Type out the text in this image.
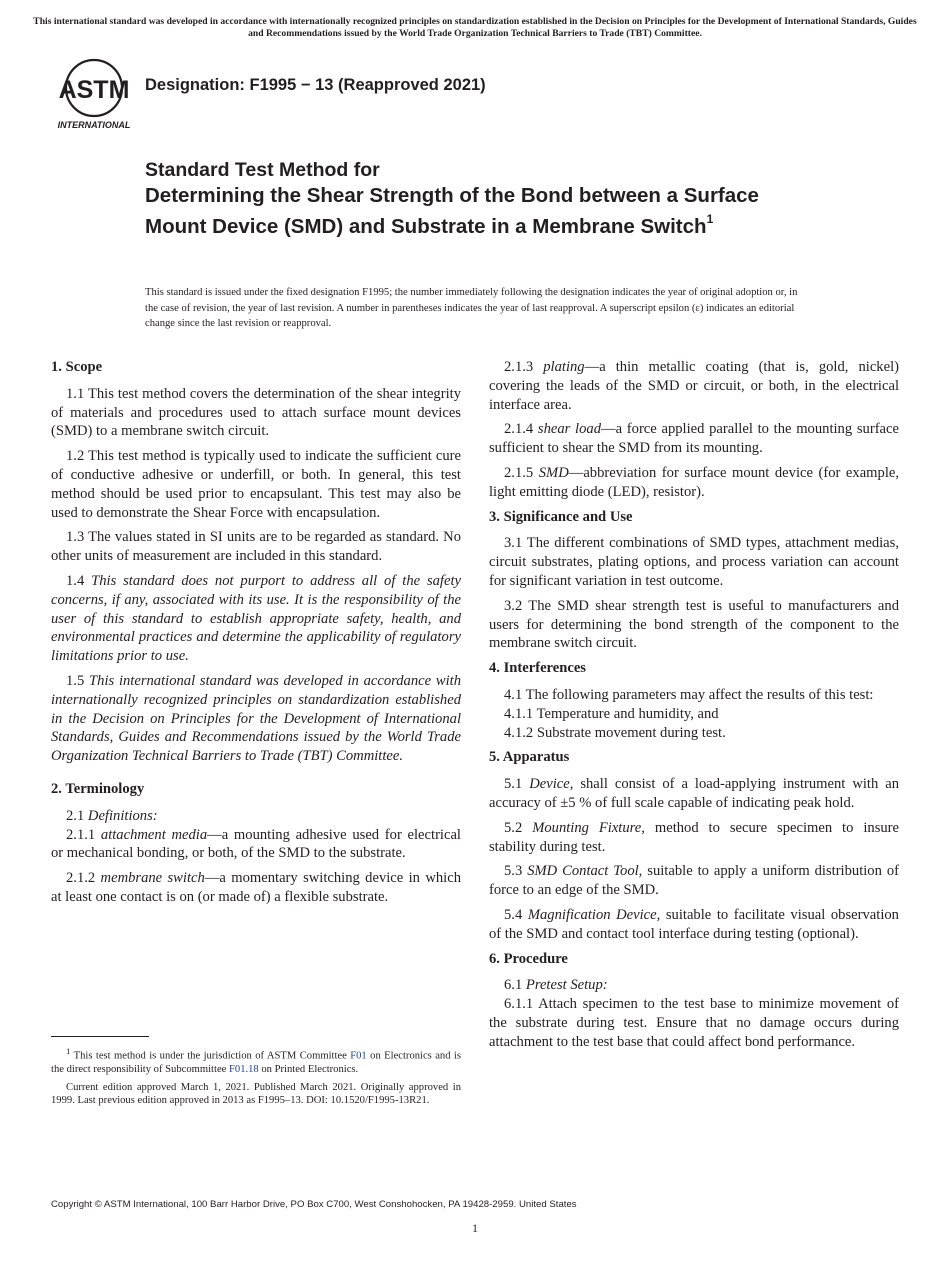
This international standard was developed in accordance with internationally recognized principles on standardization established in the Decision on Principles for the Development of International Standards, Guides and Recommendations issued by the World Trade Organization Technical Barriers to Trade (TBT) Committee.
ASTM
INTERNATIONAL
Designation: F1995 − 13 (Reapproved 2021)
Standard Test Method for
Determining the Shear Strength of the Bond between a Surface Mount Device (SMD) and Substrate in a Membrane Switch$^1$
This standard is issued under the fixed designation F1995; the number immediately following the designation indicates the year of original adoption or, in the case of revision, the year of last revision. A number in parentheses indicates the year of last reapproval. A superscript epsilon (ε) indicates an editorial change since the last revision or reapproval.
1. Scope

1.1 This test method covers the determination of the shear integrity of materials and procedures used to attach surface mount devices (SMD) to a membrane switch circuit.

1.2 This test method is typically used to indicate the sufficient cure of conductive adhesive or underfill, or both. In general, this test method should be used prior to encapsulant. This test may also be used to demonstrate the Shear Force with encapsulation.

1.3 The values stated in SI units are to be regarded as standard. No other units of measurement are included in this standard.

1.4 This standard does not purport to address all of the safety concerns, if any, associated with its use. It is the responsibility of the user of this standard to establish appropriate safety, health, and environmental practices and determine the applicability of regulatory limitations prior to use.

1.5 This international standard was developed in accordance with internationally recognized principles on standardization established in the Decision on Principles for the Development of International Standards, Guides and Recommendations issued by the World Trade Organization Technical Barriers to Trade (TBT) Committee.

2. Terminology

2.1 Definitions:

2.1.1 attachment media—a mounting adhesive used for electrical or mechanical bonding, or both, of the SMD to the substrate.

2.1.2 membrane switch—a momentary switching device in which at least one contact is on (or made of) a flexible substrate.

2.1.3 plating—a thin metallic coating (that is, gold, nickel) covering the leads of the SMD or circuit, or both, in the electrical interface area.

2.1.4 shear load—a force applied parallel to the mounting surface sufficient to shear the SMD from its mounting.

2.1.5 SMD—abbreviation for surface mount device (for example, light emitting diode (LED), resistor).

3. Significance and Use

3.1 The different combinations of SMD types, attachment medias, circuit substrates, plating options, and process variation can account for significant variation in test outcome.

3.2 The SMD shear strength test is useful to manufacturers and users for determining the bond strength of the component to the membrane switch circuit.

4. Interferences

4.1 The following parameters may affect the results of this test:

4.1.1 Temperature and humidity, and

4.1.2 Substrate movement during test.

5. Apparatus

5.1 Device, shall consist of a load-applying instrument with an accuracy of ±5 % of full scale capable of indicating peak hold.

5.2 Mounting Fixture, method to secure specimen to insure stability during test.

5.3 SMD Contact Tool, suitable to apply a uniform distribution of force to an edge of the SMD.

5.4 Magnification Device, suitable to facilitate visual observation of the SMD and contact tool interface during testing (optional).

6. Procedure

6.1 Pretest Setup:

6.1.1 Attach specimen to the test base to minimize movement of the substrate during test. Ensure that no damage occurs during attachment to the test base that could affect bond performance.

$^1$ This test method is under the jurisdiction of ASTM Committee F01 on Electronics and is the direct responsibility of Subcommittee F01.18 on Printed Electronics.

Current edition approved March 1, 2021. Published March 2021. Originally approved in 1999. Last previous edition approved in 2013 as F1995–13. DOI: 10.1520/F1995-13R21.

Copyright © ASTM International, 100 Barr Harbor Drive, PO Box C700, West Conshohocken, PA 19428-2959. United States
1
